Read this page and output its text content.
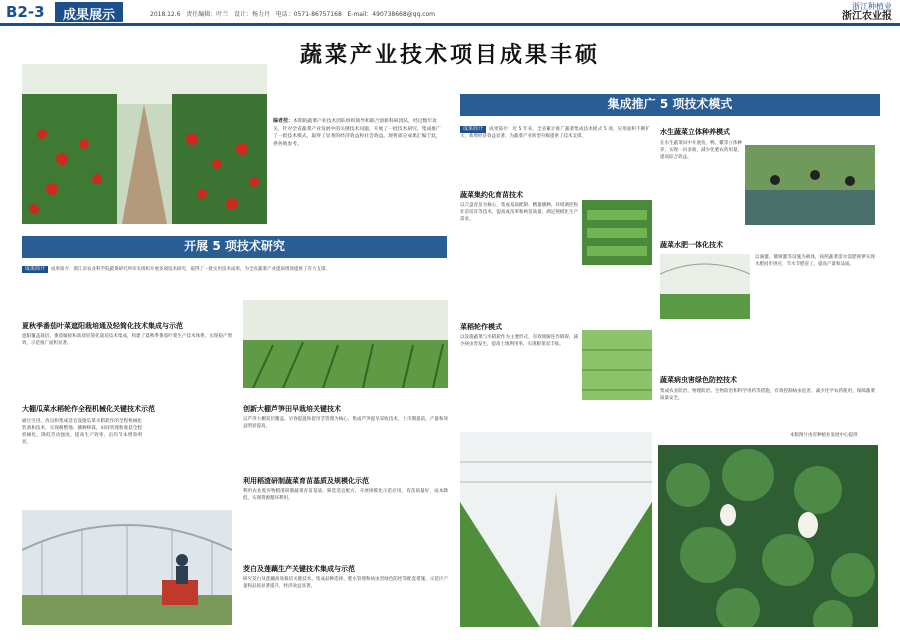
B2-3	成果展示	2018.12.6 责任编辑：叶兰 设计：杨力丹 电话：0571-86757168 E-mail：490738668@qq.com
浙江种植业
浙江农业报
蔬菜产业技术项目成果丰硕
编者按：本期的蔬菜产业技术团队组织领导和联合创新科研团队，经过数年攻关，针对全省蔬菜产业发展中的关键技术问题，开展了一批技术研究，集成推广了一批技术模式，取得了显著的经济效益和社会效益。现将部分成果汇编于此，供各地参考。
集成推广 5 项技术模式
开展 5 项技术研究
成果简介 成果简介：浙江省农业科学院蔬菜研究所牵头组织开展多项技术研究，取得了一批实用技术成果，为全省蔬菜产业提质增效提供了有力支撑。
夏秋季番茄叶菜遮阳栽培通及轻简化技术集成与示范
遮阳覆盖栽培、番茄嫁接和高效轻简化栽培技术集成，构建了夏秋季番茄叶菜生产技术体系，实现稳产增效，示范推广面积显著。
大棚瓜菜水稻轮作全程机械化关键技术示范
通过引进、改良和集成适宜设施瓜菜水稻轮作的全程机械化装备和技术，实现耕整地、播种移栽、田间管理和收获全程机械化，降低劳动强度，提高生产效率，亩均节本增效明显。
创新大棚芦笋田早栽培关键技术
以芦笋大棚双层覆盖、早春提温和留母茎管理为核心，集成芦笋提早采收技术，上市期提前，产量和效益明显提高。
利用稻渣研制蔬菜育苗基质及规模化示范
利用农业废弃物稻渣研制蔬菜育苗基质，筛选适宜配方，开展规模化示范应用，育苗质量好，成本降低，实现资源循环利用。
茭白及莲藕生产关键技术集成与示范
研究茭白及莲藕高效栽培关键技术，集成品种选择、肥水管理和病虫害绿色防控等配套措施，示范区产量和品质显著提升，经济效益显著。
成果简介 成果简介：近 5 年来，全省累计推广蔬菜集成技术模式 5 项，应用面积不断扩大，新增经济效益显著，为蔬菜产业转型升级提供了技术支撑。
蔬菜集约化育苗技术
以穴盘育苗为核心，集成基质配制、精量播种、环境调控和壮苗培育等技术，提高成苗率和秧苗质量，满足规模化生产需求。
菜稻轮作模式
以设施蔬菜与水稻轮作为主要形式，有效缓解连作障碍，减少病虫害发生，提高土地利用率，实现粮菜双丰收。
水生蔬菜立体种养模式
在水生蔬菜田中开展鱼、鸭、鳖等立体种养，实现一田多收，减少化肥农药用量，提高综合效益。
蔬菜水肥一体化技术
以滴灌、微喷灌等设施为载体，按照蔬菜需水需肥规律实现水肥同步供应，节水节肥省工，提高产量和品质。
蔬菜病虫害绿色防控技术
集成农业防治、物理防治、生物防治和科学用药等措施，有效控制病虫危害，减少化学农药使用，保障蔬菜质量安全。
本版图片由省种植业发展中心提供
